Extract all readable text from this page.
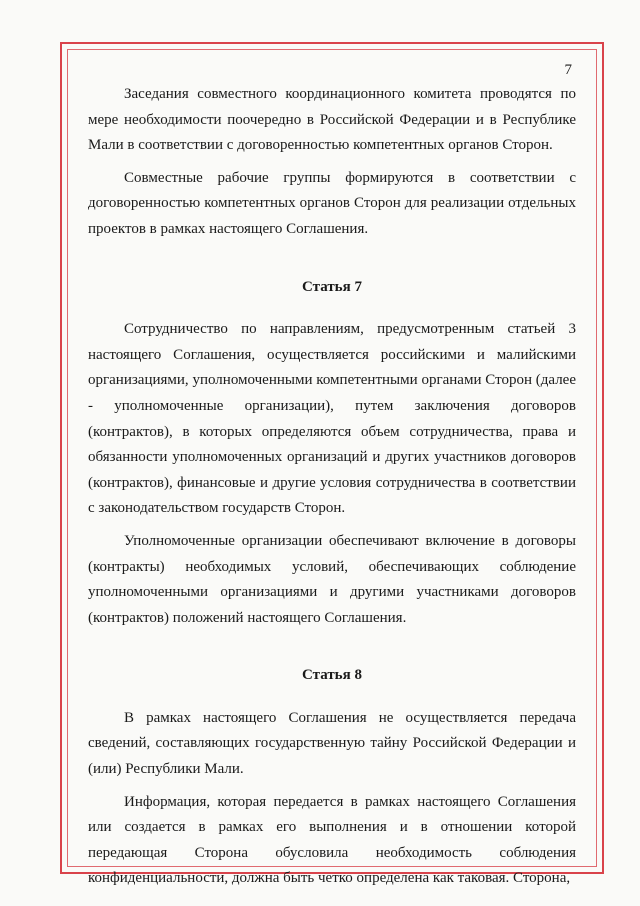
7

Заседания совместного координационного комитета проводятся по мере необходимости поочередно в Российской Федерации и в Республике Мали в соответствии с договоренностью компетентных органов Сторон.

Совместные рабочие группы формируются в соответствии с договоренностью компетентных органов Сторон для реализации отдельных проектов в рамках настоящего Соглашения.

Статья 7

Сотрудничество по направлениям, предусмотренным статьей 3 настоящего Соглашения, осуществляется российскими и малийскими организациями, уполномоченными компетентными органами Сторон (далее - уполномоченные организации), путем заключения договоров (контрактов), в которых определяются объем сотрудничества, права и обязанности уполномоченных организаций и других участников договоров (контрактов), финансовые и другие условия сотрудничества в соответствии с законодательством государств Сторон.

Уполномоченные организации обеспечивают включение в договоры (контракты) необходимых условий, обеспечивающих соблюдение уполномоченными организациями и другими участниками договоров (контрактов) положений настоящего Соглашения.

Статья 8

В рамках настоящего Соглашения не осуществляется передача сведений, составляющих государственную тайну Российской Федерации и (или) Республики Мали.

Информация, которая передается в рамках настоящего Соглашения или создается в рамках его выполнения и в отношении которой передающая Сторона обусловила необходимость соблюдения конфиденциальности, должна быть четко определена как таковая. Сторона,
